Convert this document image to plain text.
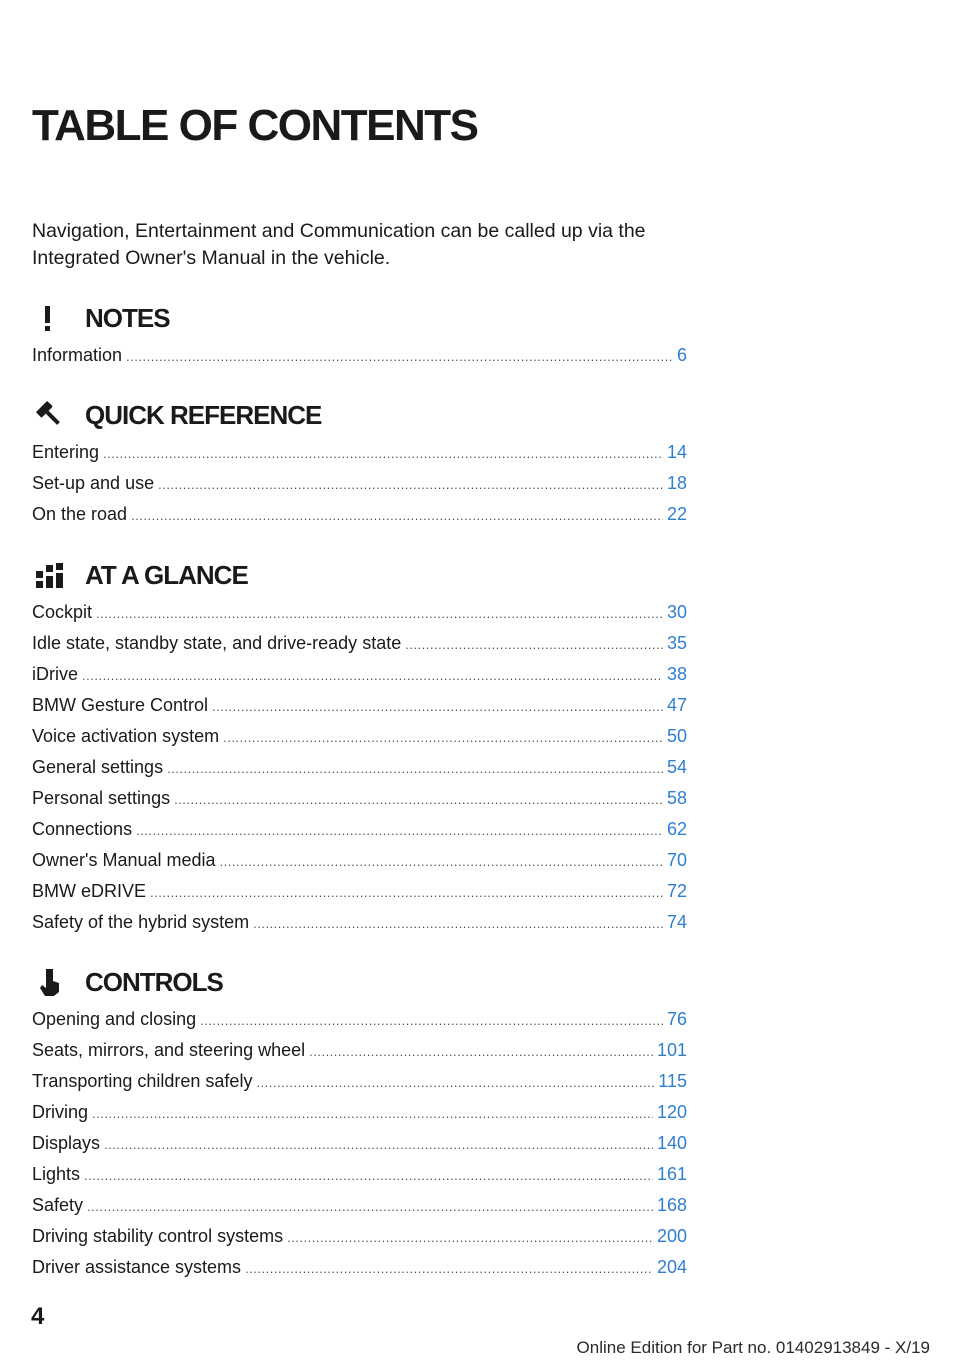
TABLE OF CONTENTS

Navigation, Entertainment and Communication can be called up via the Integrated Owner's Manual in the vehicle.

NOTES
Information .....	6
QUICK REFERENCE
Entering .....	14
Set-up and use .....	18
On the road .....	22
AT A GLANCE
Cockpit .....	30
Idle state, standby state, and drive-ready state .....	35
iDrive .....	38
BMW Gesture Control .....	47
Voice activation system .....	50
General settings .....	54
Personal settings .....	58
Connections .....	62
Owner's Manual media .....	70
BMW eDRIVE .....	72
Safety of the hybrid system .....	74
CONTROLS
Opening and closing .....	76
Seats, mirrors, and steering wheel .....	101
Transporting children safely .....	115
Driving .....	120
Displays .....	140
Lights .....	161
Safety .....	168
Driving stability control systems .....	200
Driver assistance systems .....	204

4

Online Edition for Part no. 01402913849 - X/19
